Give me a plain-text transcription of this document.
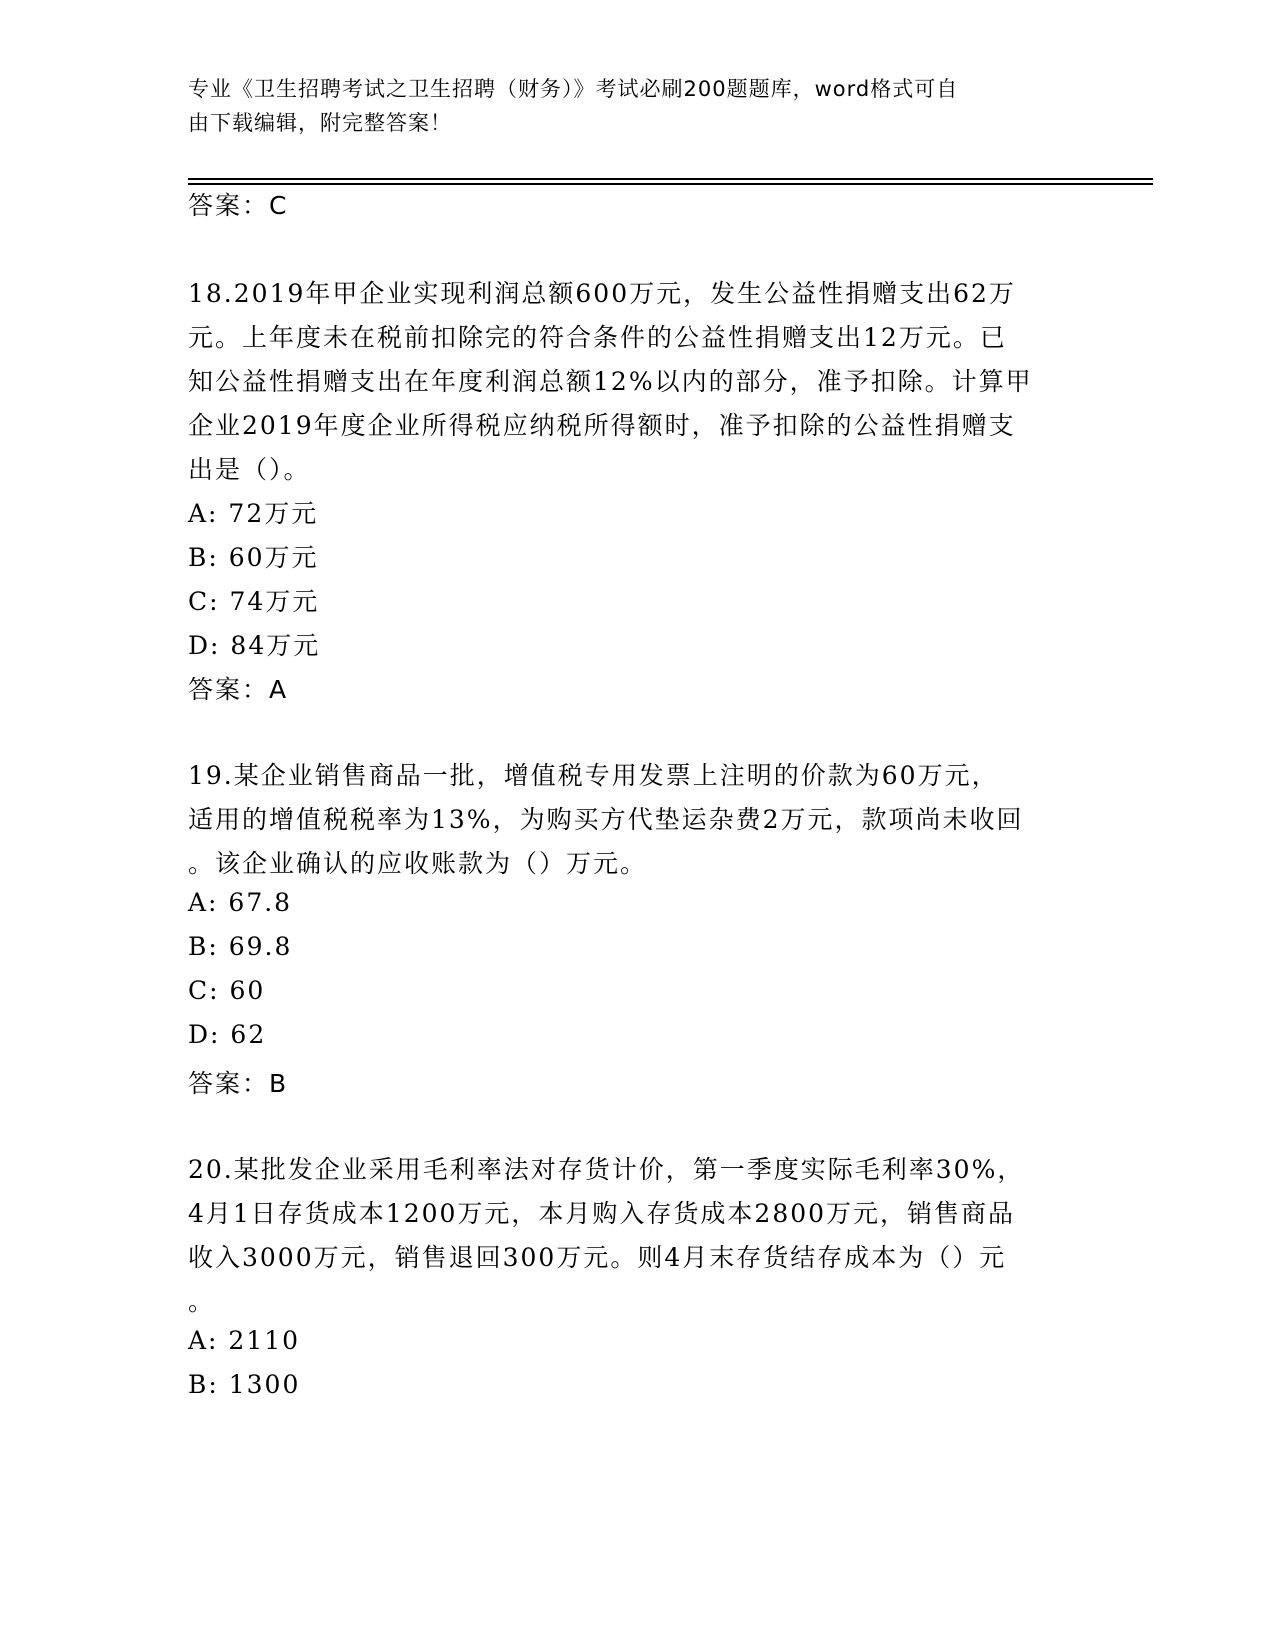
专业《卫生招聘考试之卫生招聘（财务）》考试必刷200题题库，word格式可自
由下载编辑，附完整答案！
答案：C
18.2019年甲企业实现利润总额600万元，发生公益性捐赠支出62万
元。上年度未在税前扣除完的符合条件的公益性捐赠支出12万元。已
知公益性捐赠支出在年度利润总额12%以内的部分，准予扣除。计算甲
企业2019年度企业所得税应纳税所得额时，准予扣除的公益性捐赠支
出是（）。
A: 72万元
B: 60万元
C: 74万元
D: 84万元
答案：A
19.某企业销售商品一批，增值税专用发票上注明的价款为60万元，
适用的增值税税率为13%，为购买方代垫运杂费2万元，款项尚未收回
。该企业确认的应收账款为（）万元。
A: 67.8
B: 69.8
C: 60
D: 62
答案：B
20.某批发企业采用毛利率法对存货计价，第一季度实际毛利率30%，
4月1日存货成本1200万元，本月购入存货成本2800万元，销售商品
收入3000万元，销售退回300万元。则4月末存货结存成本为（）元
。
A: 2110
B: 1300
